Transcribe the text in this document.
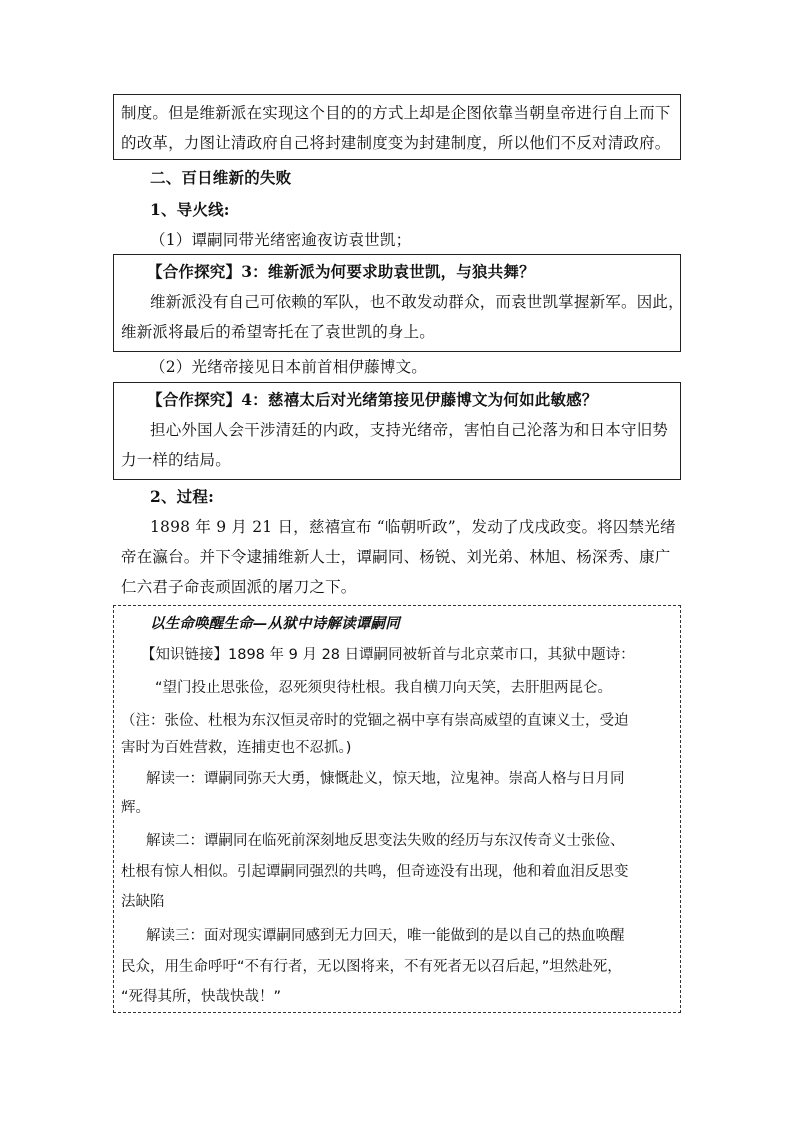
制度。但是维新派在实现这个目的的方式上却是企图依靠当朝皇帝进行自上而下
的改革，力图让清政府自己将封建制度变为封建制度，所以他们不反对清政府。
二、百日维新的失败
1、导火线:
（1）谭嗣同带光绪密逾夜访袁世凯；
【合作探究】3：维新派为何要求助袁世凯，与狼共舞？
维新派没有自己可依赖的军队，也不敢发动群众，而袁世凯掌握新军。因此，
维新派将最后的希望寄托在了袁世凯的身上。
（2）光绪帝接见日本前首相伊藤博文。
【合作探究】4：慈禧太后对光绪第接见伊藤博文为何如此敏感？
担心外国人会干涉清廷的内政，支持光绪帝，害怕自己沦落为和日本守旧势
力一样的结局。
2、过程:
1898 年 9 月 21 日，慈禧宣布 “临朝听政”，发动了戊戌政变。将囚禁光绪
帝在瀛台。并下令逮捕维新人士，谭嗣同、杨锐、刘光弟、林旭、杨深秀、康广
仁六君子命丧顽固派的屠刀之下。
以生命唤醒生命—从狱中诗解读谭嗣同
【知识链接】1898 年 9 月 28 日谭嗣同被斩首与北京菜市口，其狱中题诗：
“望门投止思张俭，忍死须臾待杜根。我自横刀向天笑，去肝胆两昆仑。
（注：张俭、杜根为东汉恒灵帝时的党锢之祸中享有崇高威望的直谏义士，受迫
害时为百姓营救，连捕吏也不忍抓。)
解读一：谭嗣同弥天大勇，慷慨赴义，惊天地，泣鬼神。崇高人格与日月同
辉。
解读二：谭嗣同在临死前深刻地反思变法失败的经历与东汉传奇义士张俭、
杜根有惊人相似。引起谭嗣同强烈的共鸣，但奇迹没有出现，他和着血泪反思变
法缺陷
解读三：面对现实谭嗣同感到无力回天，唯一能做到的是以自己的热血唤醒
民众，用生命呼吁“不有行者，无以图将来，不有死者无以召后起，”坦然赴死，
“死得其所，快哉快哉！”
